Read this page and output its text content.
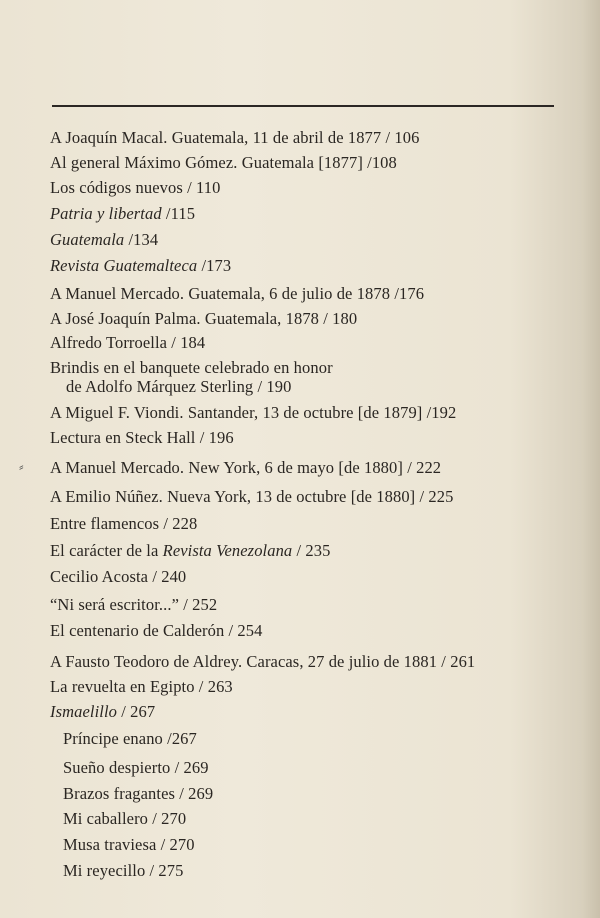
A Joaquín Macal. Guatemala, 11 de abril de 1877 / 106
Al general Máximo Gómez. Guatemala [1877] /108
Los códigos nuevos / 110
Patria y libertad /115
Guatemala /134
Revista Guatemalteca /173
A Manuel Mercado. Guatemala, 6 de julio de 1878 /176
A José Joaquín Palma. Guatemala, 1878 / 180
Alfredo Torroella / 184
Brindis en el banquete celebrado en honor
de Adolfo Márquez Sterling / 190
A Miguel F. Viondi. Santander, 13 de octubre [de 1879] /192
Lectura en Steck Hall / 196
A Manuel Mercado. New York, 6 de mayo [de 1880] / 222
A Emilio Núñez. Nueva York, 13 de octubre [de 1880] / 225
Entre flamencos / 228
El carácter de la Revista Venezolana / 235
Cecilio Acosta / 240
“Ni será escritor...” / 252
El centenario de Calderón / 254
A Fausto Teodoro de Aldrey. Caracas, 27 de julio de 1881 / 261
La revuelta en Egipto / 263
Ismaelillo / 267
Príncipe enano /267
Sueño despierto / 269
Brazos fragantes / 269
Mi caballero / 270
Musa traviesa / 270
Mi reyecillo / 275
⸗
